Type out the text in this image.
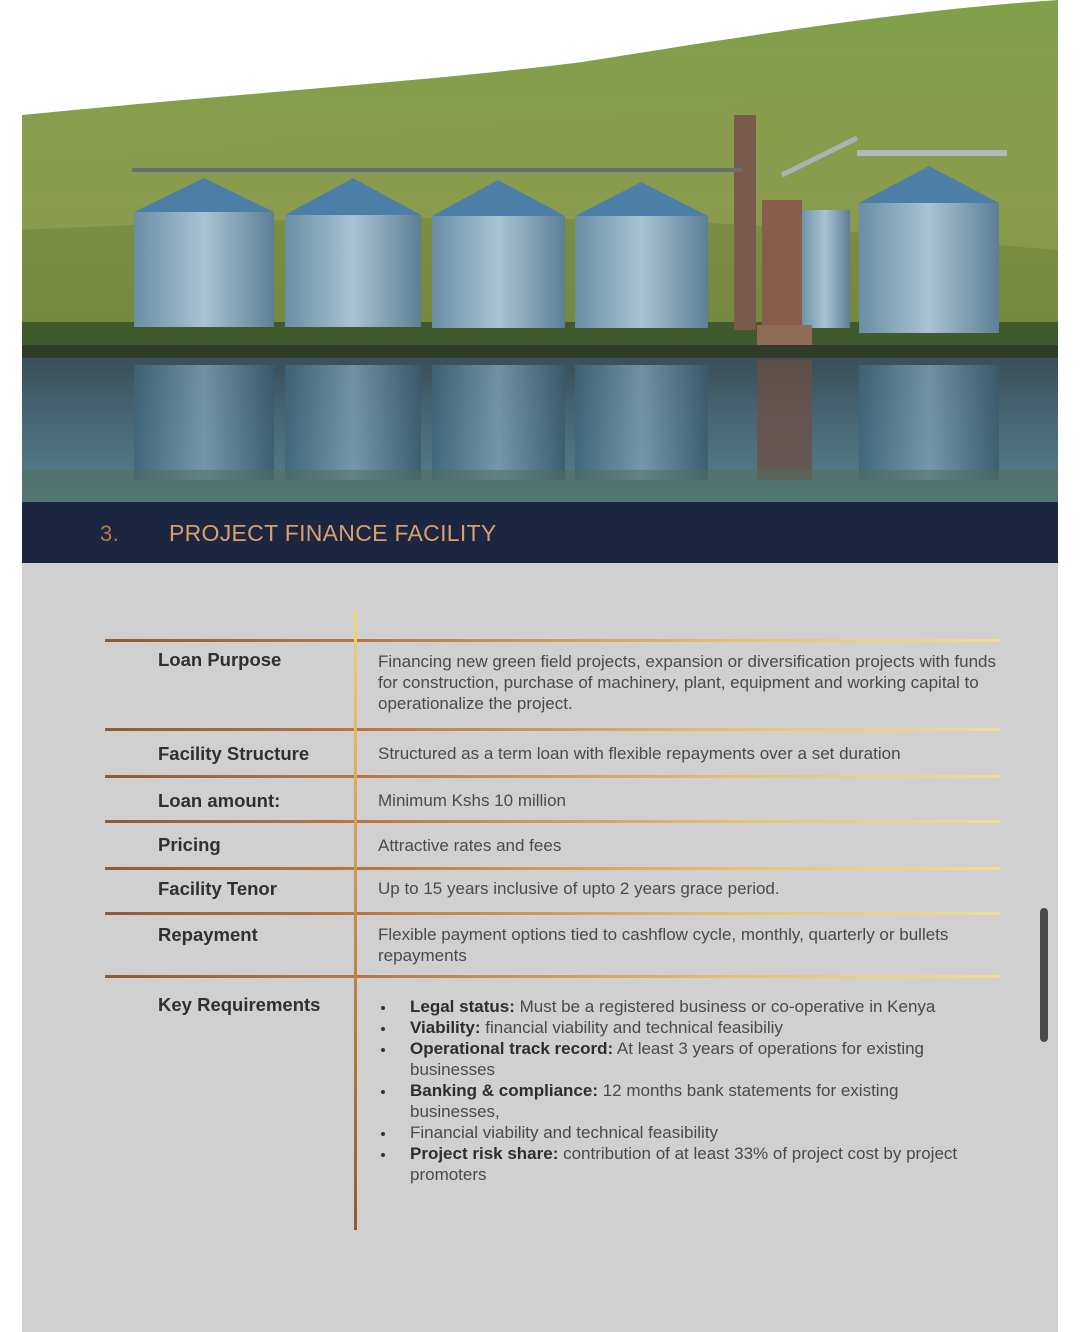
3. PROJECT FINANCE FACILITY
Loan Purpose	Financing new green field projects, expansion or diversification projects with funds for construction, purchase of machinery, plant, equipment and working capital to operationalize the project.
Facility Structure	Structured as a term loan with flexible repayments over a set duration
Loan amount:	Minimum Kshs 10 million
Pricing	Attractive rates and fees
Facility Tenor	Up to 15 years inclusive of upto 2 years grace period.
Repayment	Flexible payment options tied to cashflow cycle, monthly, quarterly or bullets repayments
Key Requirements	Legal status: Must be a registered business or co-operative in Kenya
Viability: financial viability and technical feasibiliy
Operational track record: At least 3 years of operations for existing businesses
Banking & compliance: 12 months bank statements for existing businesses,
Financial viability and technical feasibility
Project risk share: contribution of at least 33% of project cost by project promoters
